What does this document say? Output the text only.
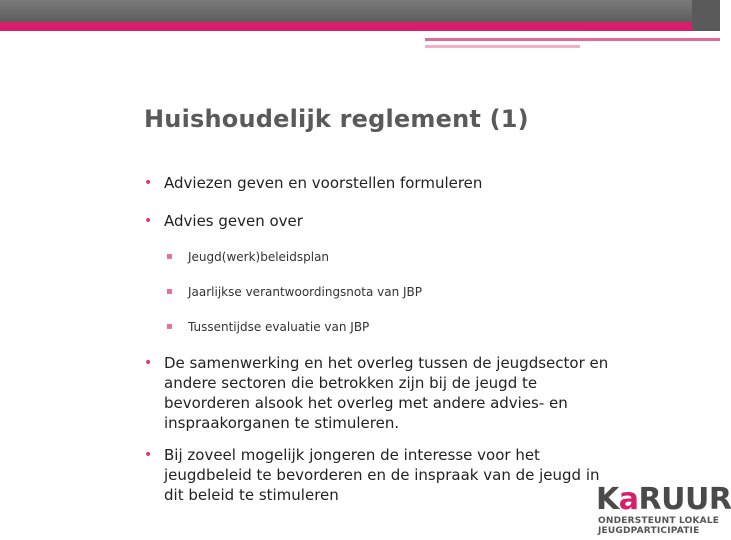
Huishoudelijk reglement (1)
• Adviezen geven en voorstellen formuleren
• Advies geven over
▪ Jeugd(werk)beleidsplan
▪ Jaarlijkse verantwoordingsnota van JBP
▪ Tussentijdse evaluatie van JBP
• De samenwerking en het overleg tussen de jeugdsector en andere sectoren die betrokken zijn bij de jeugd te bevorderen alsook het overleg met andere advies- en inspraakorganen te stimuleren.
• Bij zoveel mogelijk jongeren de interesse voor het jeugdbeleid te bevorderen en de inspraak van de jeugd in dit beleid te stimuleren	KaRUUR
ONDERSTEUNT LOKALE
JEUGDPARTICIPATIE
